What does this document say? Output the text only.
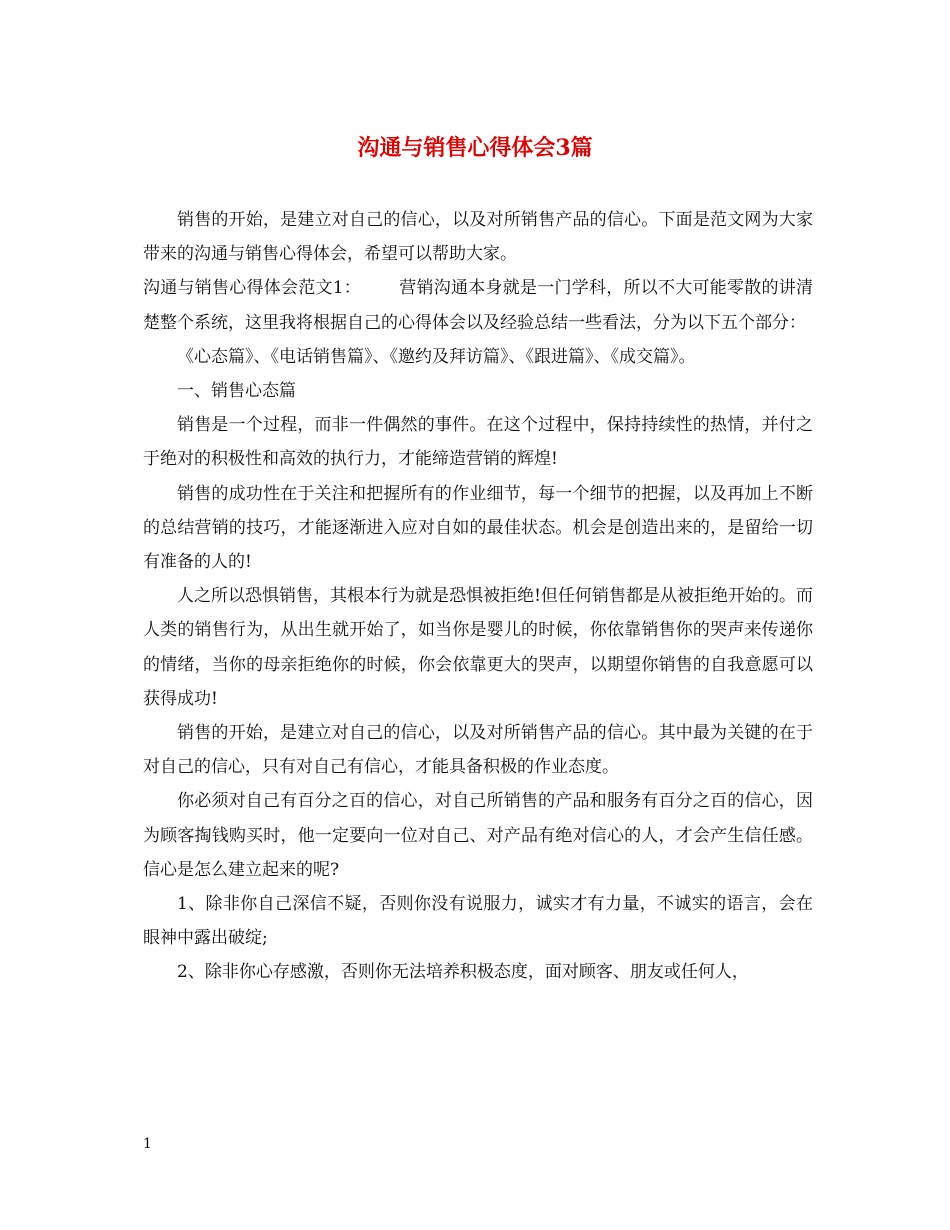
沟通与销售心得体会3篇

销售的开始，是建立对自己的信心，以及对所销售产品的信心。下面是范文网为大家带来的沟通与销售心得体会，希望可以帮助大家。

沟通与销售心得体会范文1： 营销沟通本身就是一门学科，所以不大可能零散的讲清楚整个系统，这里我将根据自己的心得体会以及经验总结一些看法，分为以下五个部分：

《心态篇》、《电话销售篇》、《邀约及拜访篇》、《跟进篇》、《成交篇》。

一、销售心态篇

销售是一个过程，而非一件偶然的事件。在这个过程中，保持持续性的热情，并付之于绝对的积极性和高效的执行力，才能缔造营销的辉煌!

销售的成功性在于关注和把握所有的作业细节，每一个细节的把握，以及再加上不断的总结营销的技巧，才能逐渐进入应对自如的最佳状态。机会是创造出来的，是留给一切有准备的人的!

人之所以恐惧销售，其根本行为就是恐惧被拒绝!但任何销售都是从被拒绝开始的。而人类的销售行为，从出生就开始了，如当你是婴儿的时候，你依靠销售你的哭声来传递你的情绪，当你的母亲拒绝你的时候，你会依靠更大的哭声，以期望你销售的自我意愿可以获得成功!

销售的开始，是建立对自己的信心，以及对所销售产品的信心。其中最为关键的在于对自己的信心，只有对自己有信心，才能具备积极的作业态度。

你必须对自己有百分之百的信心，对自己所销售的产品和服务有百分之百的信心，因为顾客掏钱购买时，他一定要向一位对自己、对产品有绝对信心的人，才会产生信任感。信心是怎么建立起来的呢?

1、除非你自己深信不疑，否则你没有说服力，诚实才有力量，不诚实的语言，会在眼神中露出破绽;

2、除非你心存感激，否则你无法培养积极态度，面对顾客、朋友或任何人，

1
